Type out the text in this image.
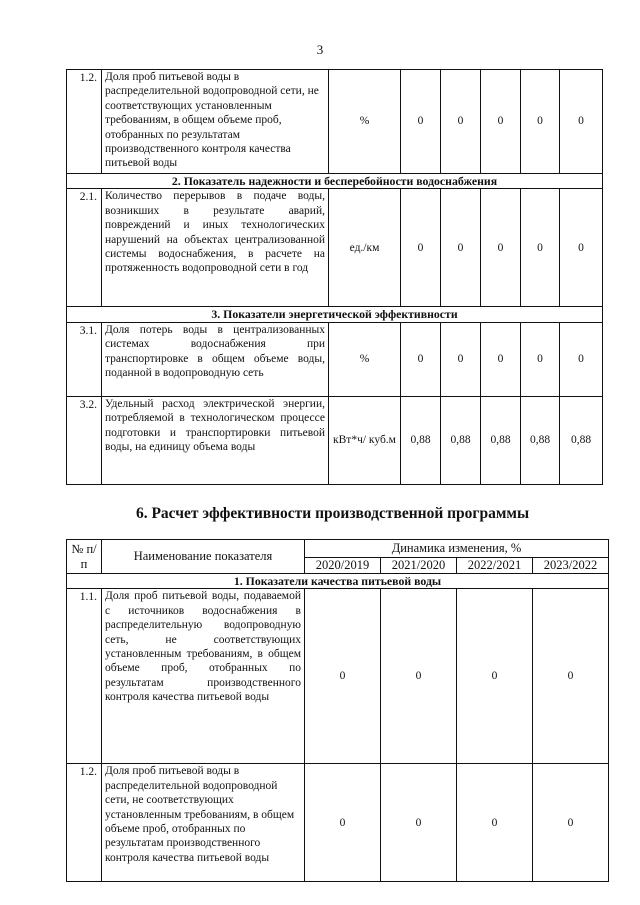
3
1.2.	Доля проб питьевой воды в распределительной водопроводной сети, не соответствующих установленным требованиям, в общем объеме проб, отобранных по результатам производственного контроля качества питьевой воды	%	0	0	0	0	0
2. Показатель надежности и бесперебойности водоснабжения							
2.1.	Количество перерывов в подаче воды, возникших в результате аварий, повреждений и иных технологических нарушений на объектах централизованной системы водоснабжения, в расчете на протяженность водопроводной сети в год	ед./км	0	0	0	0	0
3. Показатели энергетической эффективности							
3.1.	Доля потерь воды в централизованных системах водоснабжения при транспортировке в общем объеме воды, поданной в водопроводную сеть	%	0	0	0	0	0
3.2.	Удельный расход электрической энергии, потребляемой в технологическом процессе подготовки и транспортировки питьевой воды, на единицу объема воды	кВт*ч/ куб.м	0,88	0,88	0,88	0,88	0,88
6. Расчет эффективности производственной программы
№ п/п	Наименование показателя	Динамика изменения, %			
		2020/2019	2021/2020	2022/2021	2023/2022
1. Показатели качества питьевой воды					
1.1.	Доля проб питьевой воды, подаваемой с источников водоснабжения в распределительную водопроводную сеть, не соответствующих установленным требованиям, в общем объеме проб, отобранных по результатам производственного контроля качества питьевой воды	0	0	0	0
1.2.	Доля проб питьевой воды в распределительной водопроводной сети, не соответствующих установленным требованиям, в общем объеме проб, отобранных по результатам производственного контроля качества питьевой воды	0	0	0	0
